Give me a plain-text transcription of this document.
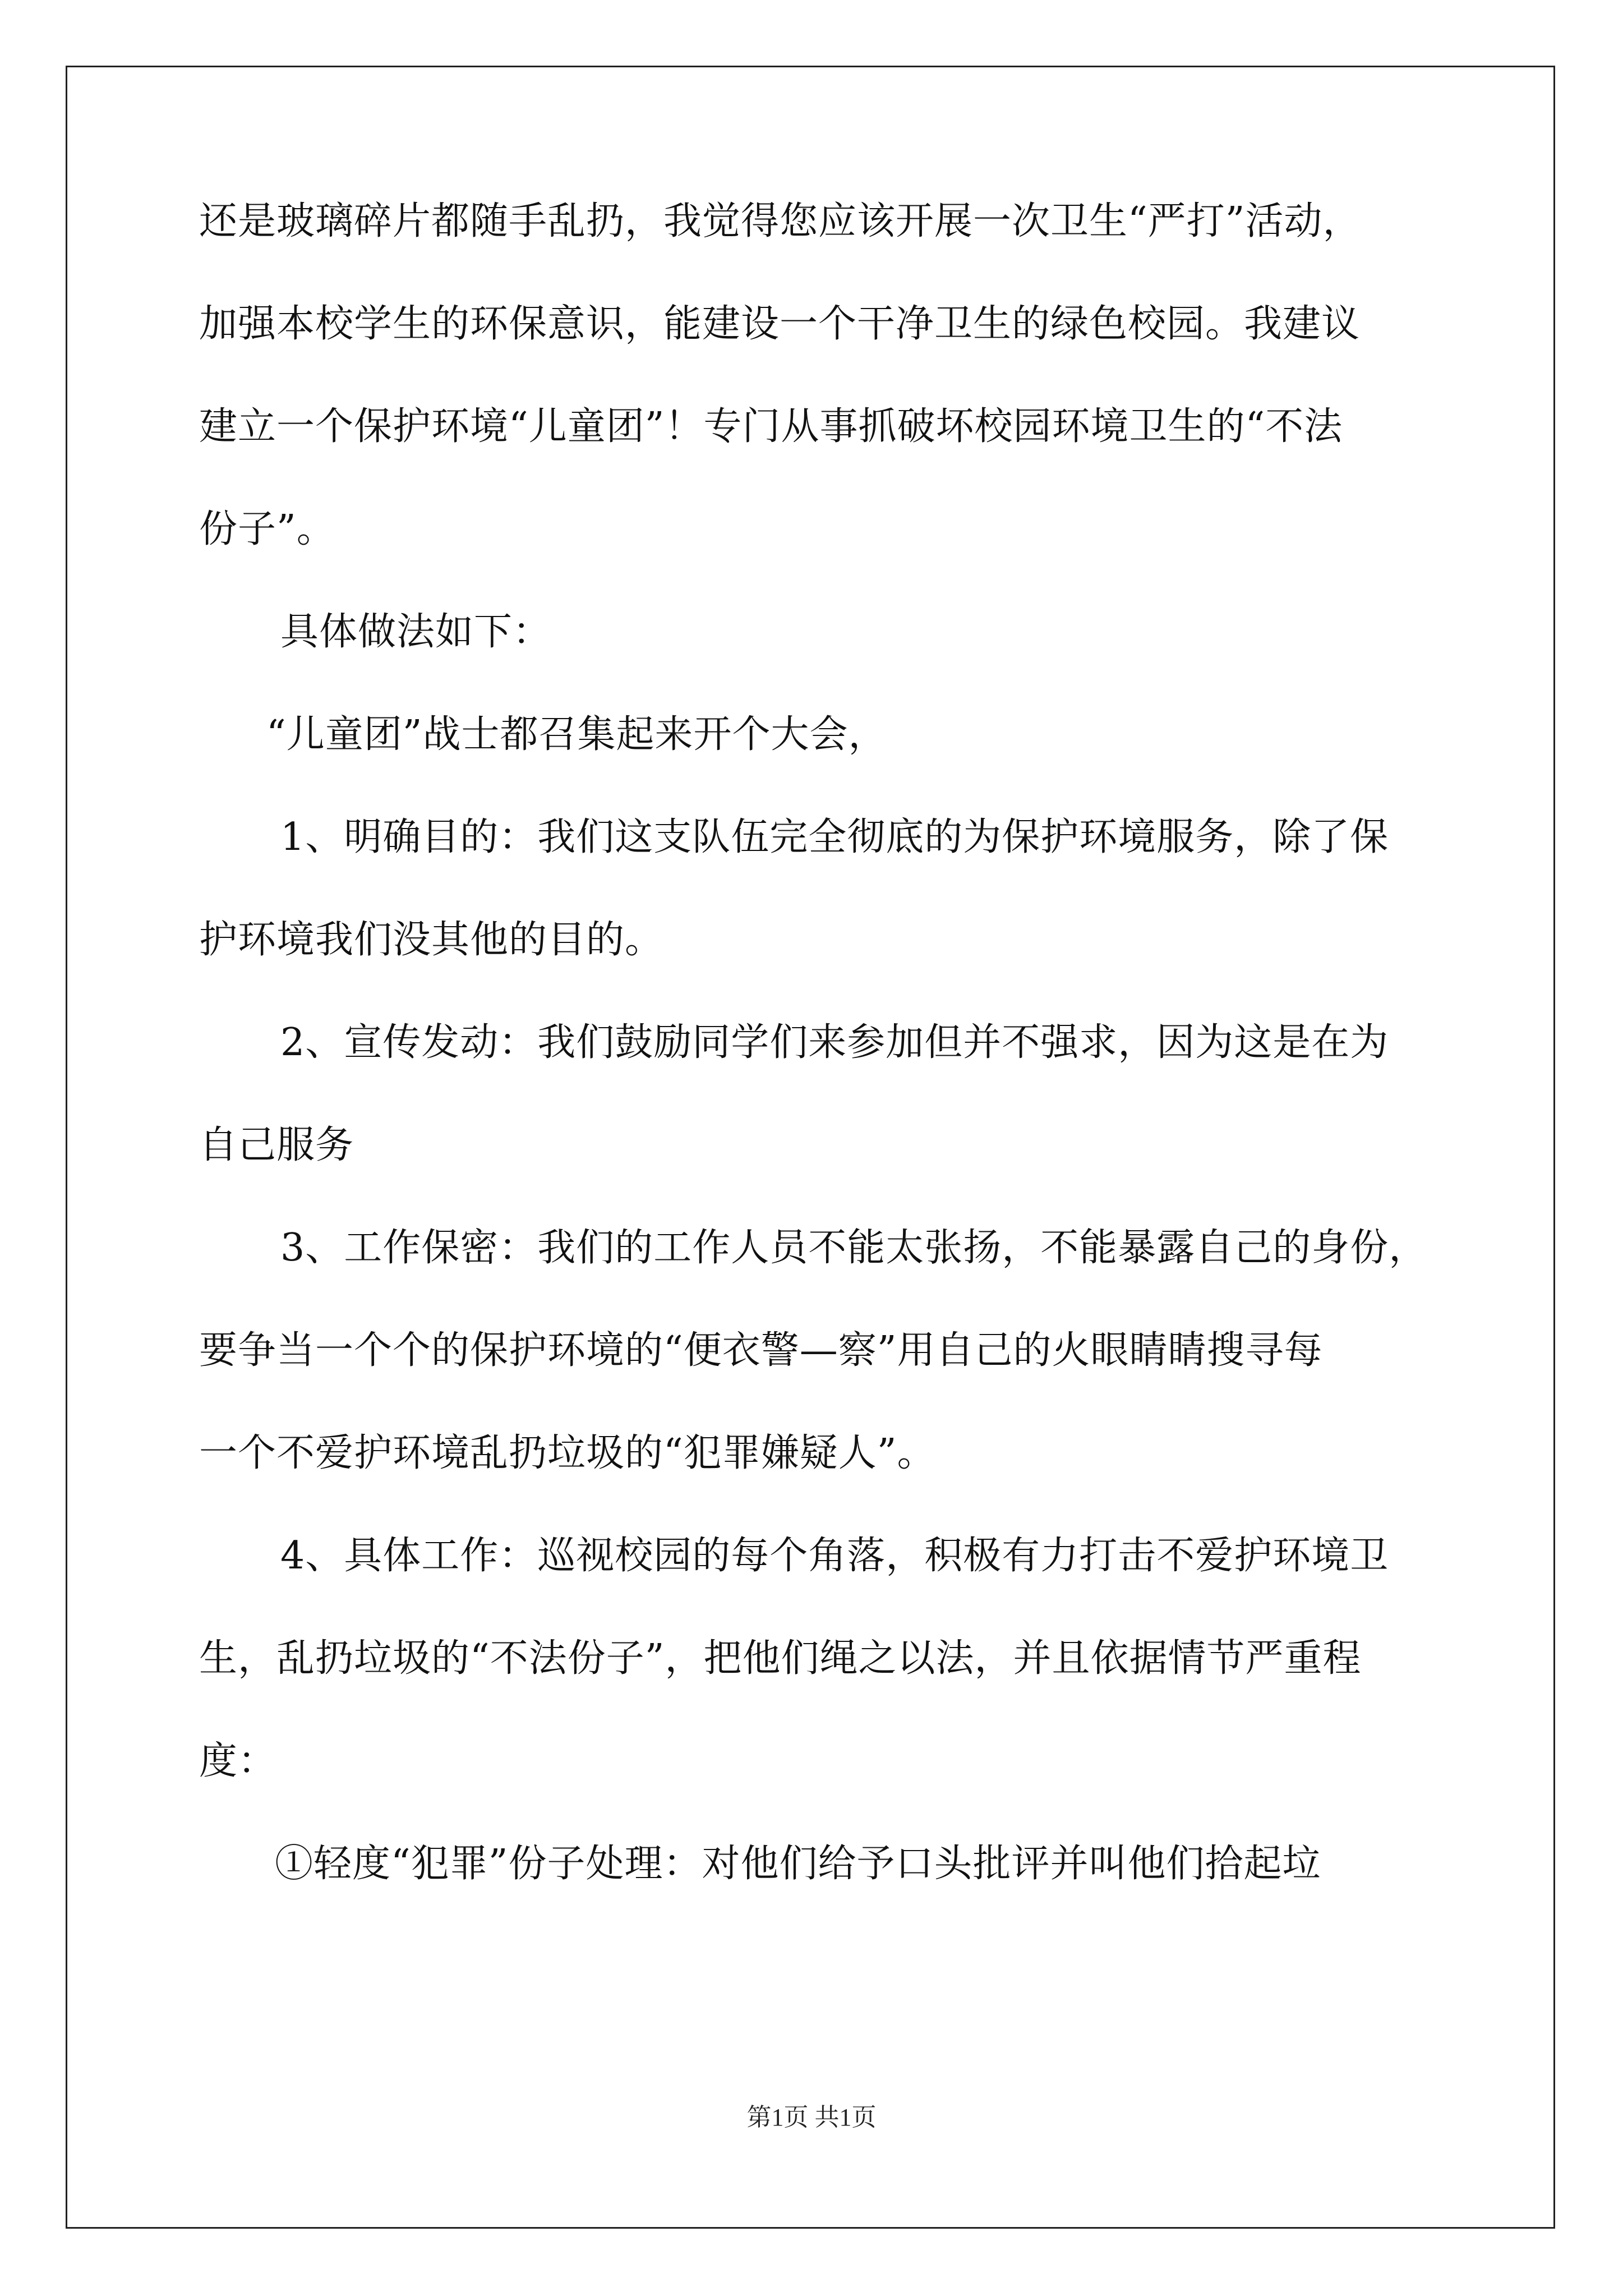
还是玻璃碎片都随手乱扔，我觉得您应该开展一次卫生“严打”活动，
加强本校学生的环保意识，能建设一个干净卫生的绿色校园。我建议
建立一个保护环境“儿童团”！专门从事抓破坏校园环境卫生的“不法
份子”。
具体做法如下：
“儿童团”战士都召集起来开个大会，
1、明确目的：我们这支队伍完全彻底的为保护环境服务，除了保
护环境我们没其他的目的。
2、宣传发动：我们鼓励同学们来参加但并不强求，因为这是在为
自己服务
3、工作保密：我们的工作人员不能太张扬，不能暴露自己的身份，
要争当一个个的保护环境的“便衣警—察”用自己的火眼睛睛搜寻每
一个不爱护环境乱扔垃圾的“犯罪嫌疑人”。
4、具体工作：巡视校园的每个角落，积极有力打击不爱护环境卫
生，乱扔垃圾的“不法份子”，把他们绳之以法，并且依据情节严重程
度：
①轻度“犯罪”份子处理：对他们给予口头批评并叫他们拾起垃
第1页 共1页
